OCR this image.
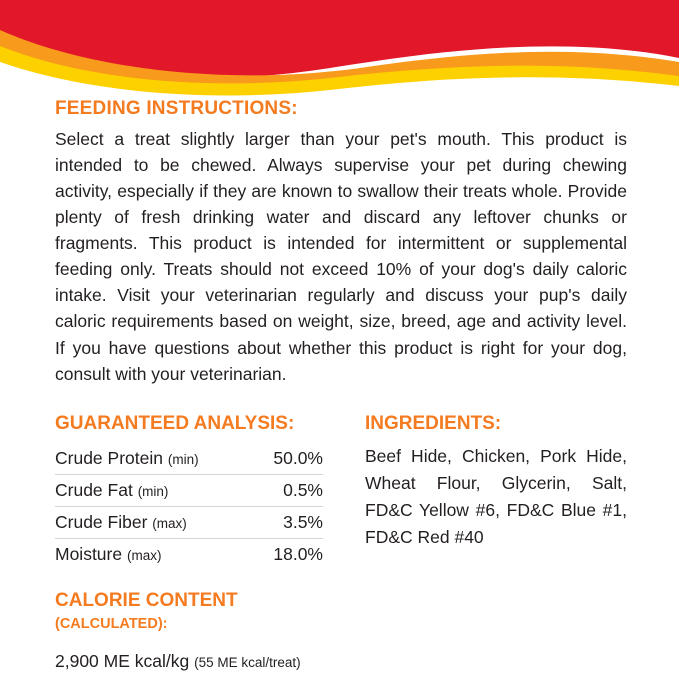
FEEDING INSTRUCTIONS:

Select a treat slightly larger than your pet's mouth. This product is intended to be chewed. Always supervise your pet during chewing activity, especially if they are known to swallow their treats whole. Provide plenty of fresh drinking water and discard any leftover chunks or fragments. This product is intended for intermittent or supplemental feeding only. Treats should not exceed 10% of your dog's daily caloric intake. Visit your veterinarian regularly and discuss your pup's daily caloric requirements based on weight, size, breed, age and activity level. If you have questions about whether this product is right for your dog, consult with your veterinarian.

GUARANTEED ANALYSIS:
Crude Protein (min)	50.0%
Crude Fat (min)	0.5%
Crude Fiber (max)	3.5%
Moisture (max)	18.0%
CALORIE CONTENT (CALCULATED):

2,900 ME kcal/kg (55 ME kcal/treat)

INGREDIENTS:

Beef Hide, Chicken, Pork Hide, Wheat Flour, Glycerin, Salt, FD&C Yellow #6, FD&C Blue #1, FD&C Red #40
